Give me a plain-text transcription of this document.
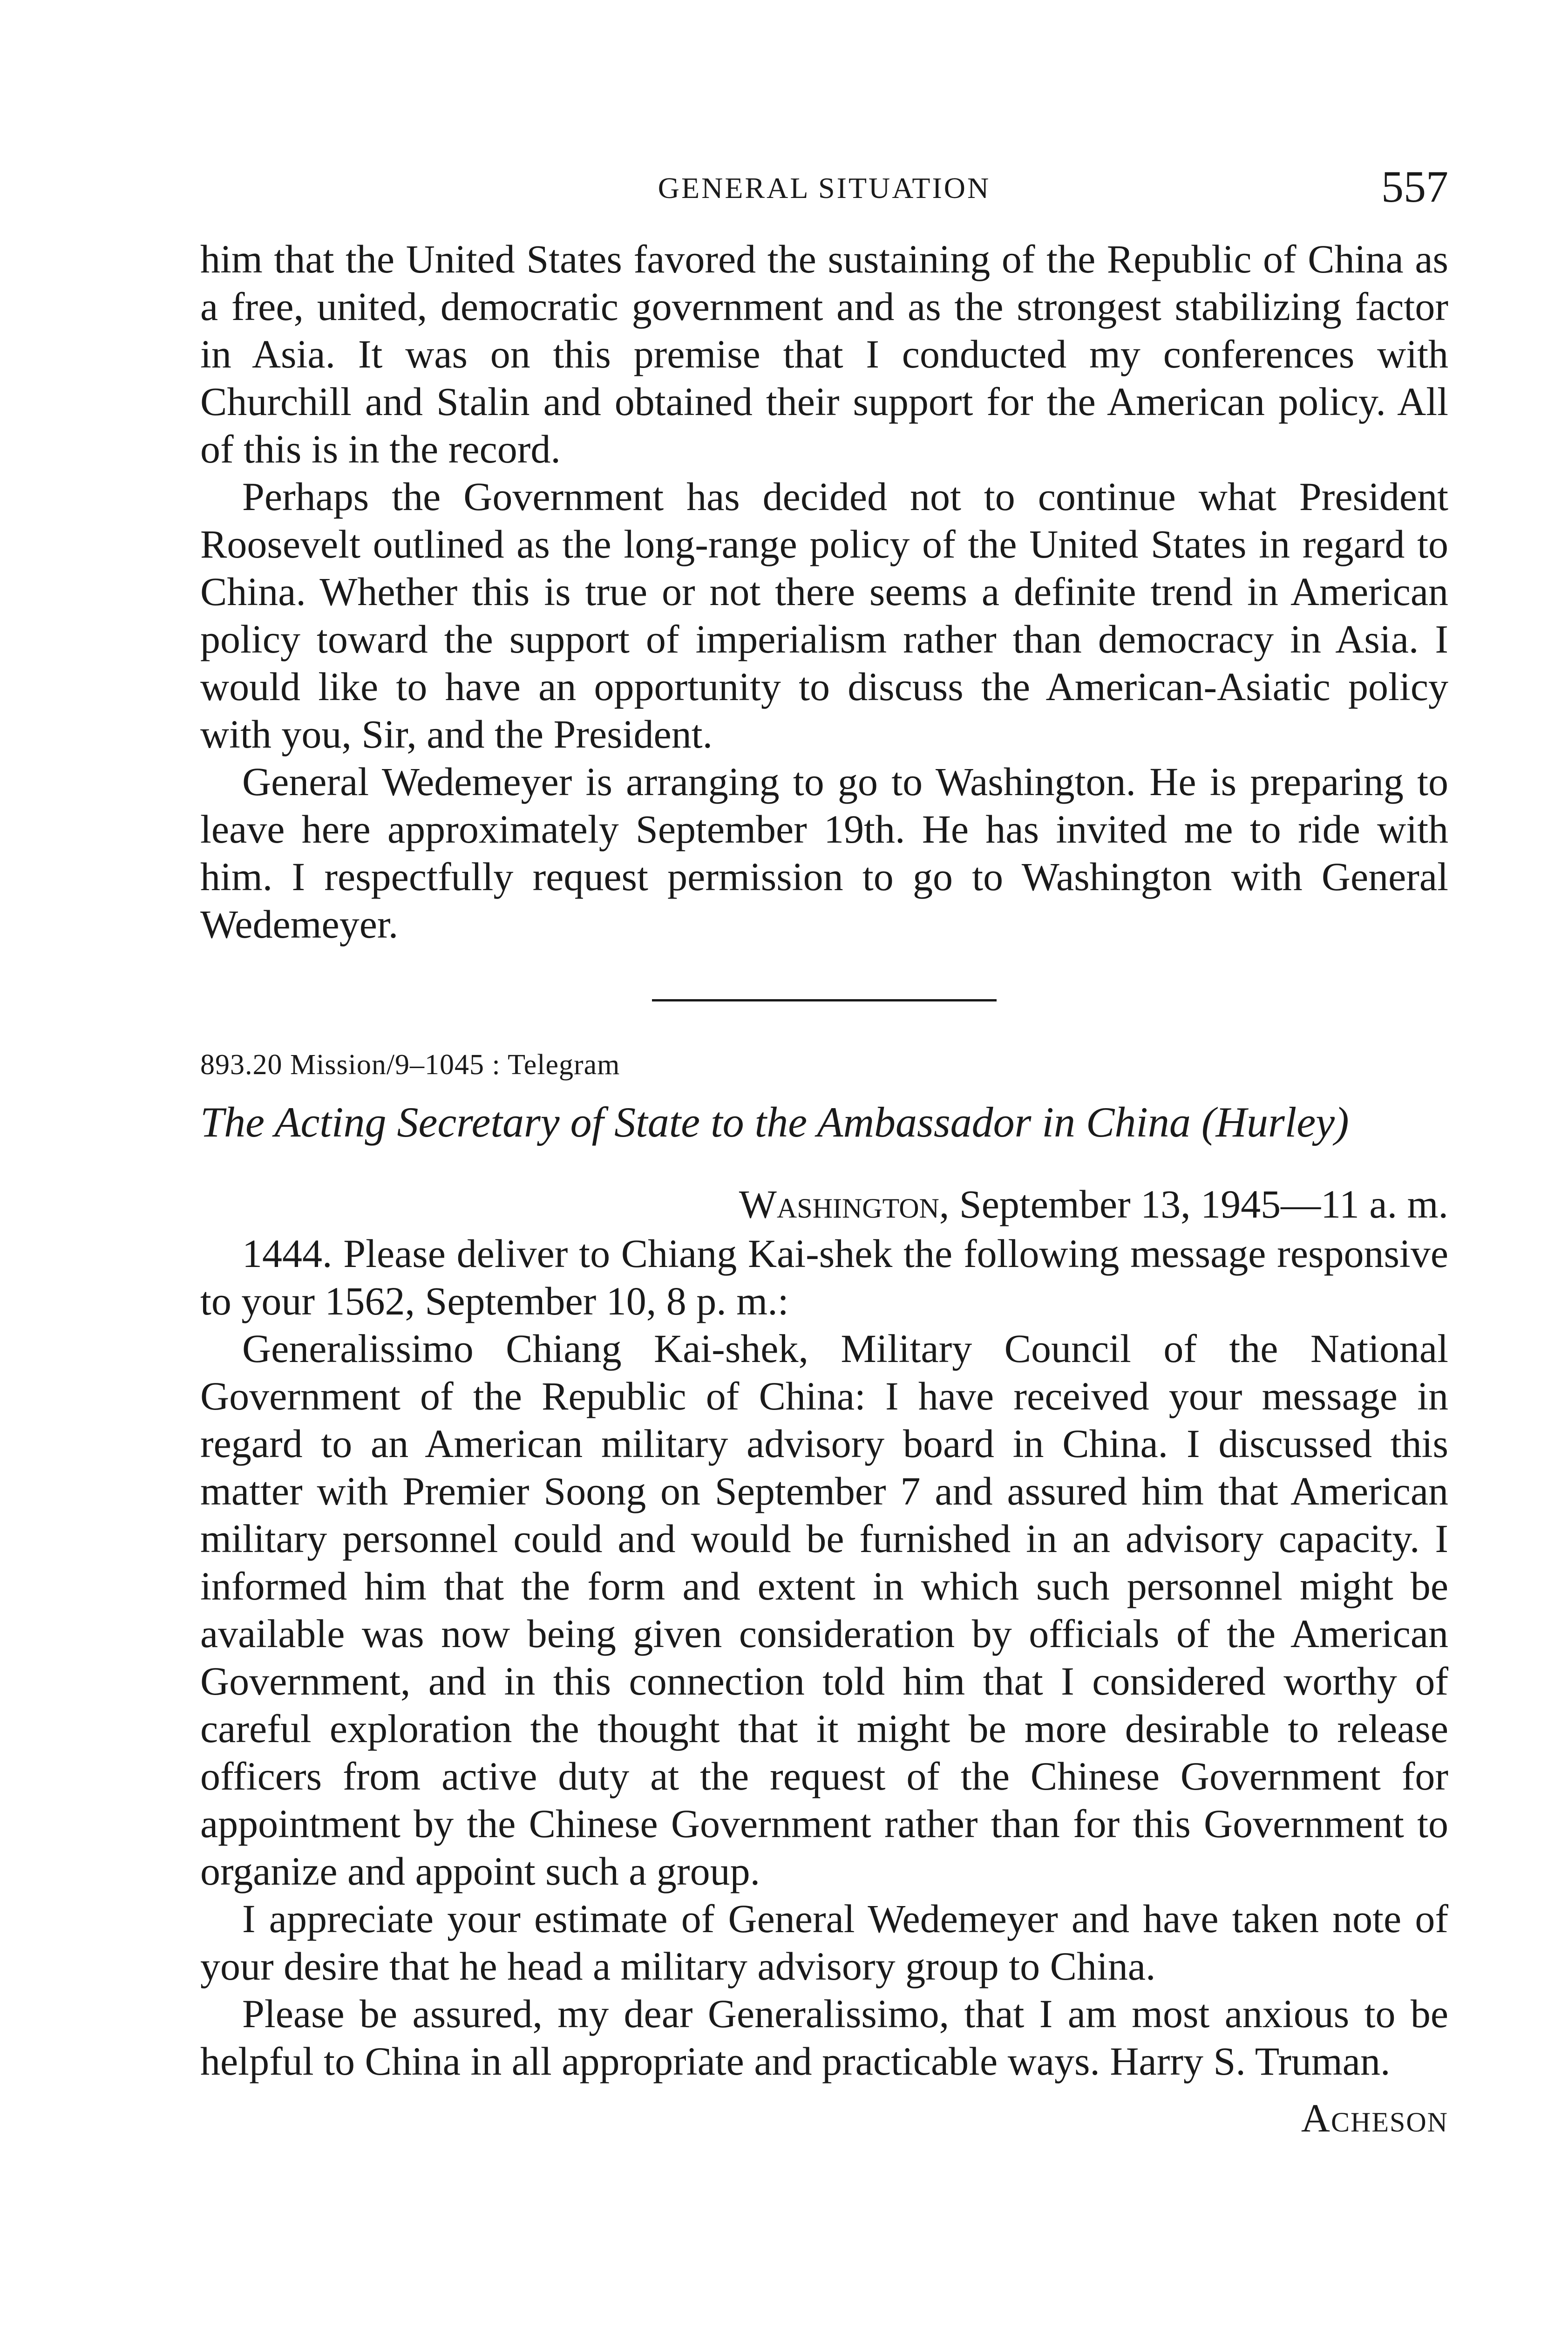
GENERAL SITUATION	557

him that the United States favored the sustaining of the Republic of China as a free, united, democratic government and as the strongest stabilizing factor in Asia. It was on this premise that I conducted my conferences with Churchill and Stalin and obtained their support for the American policy. All of this is in the record.

Perhaps the Government has decided not to continue what President Roosevelt outlined as the long-range policy of the United States in regard to China. Whether this is true or not there seems a definite trend in American policy toward the support of imperialism rather than democracy in Asia. I would like to have an opportunity to discuss the American-Asiatic policy with you, Sir, and the President.

General Wedemeyer is arranging to go to Washington. He is preparing to leave here approximately September 19th. He has invited me to ride with him. I respectfully request permission to go to Washington with General Wedemeyer.

893.20 Mission/9–1045 : Telegram
The Acting Secretary of State to the Ambassador in China (Hurley)
Washington, September 13, 1945—11 a. m.

1444. Please deliver to Chiang Kai-shek the following message responsive to your 1562, September 10, 8 p. m.:

Generalissimo Chiang Kai-shek, Military Council of the National Government of the Republic of China: I have received your message in regard to an American military advisory board in China. I discussed this matter with Premier Soong on September 7 and assured him that American military personnel could and would be furnished in an advisory capacity. I informed him that the form and extent in which such personnel might be available was now being given consideration by officials of the American Government, and in this connection told him that I considered worthy of careful exploration the thought that it might be more desirable to release officers from active duty at the request of the Chinese Government for appointment by the Chinese Government rather than for this Government to organize and appoint such a group.

I appreciate your estimate of General Wedemeyer and have taken note of your desire that he head a military advisory group to China.

Please be assured, my dear Generalissimo, that I am most anxious to be helpful to China in all appropriate and practicable ways. Harry S. Truman.

Acheson
